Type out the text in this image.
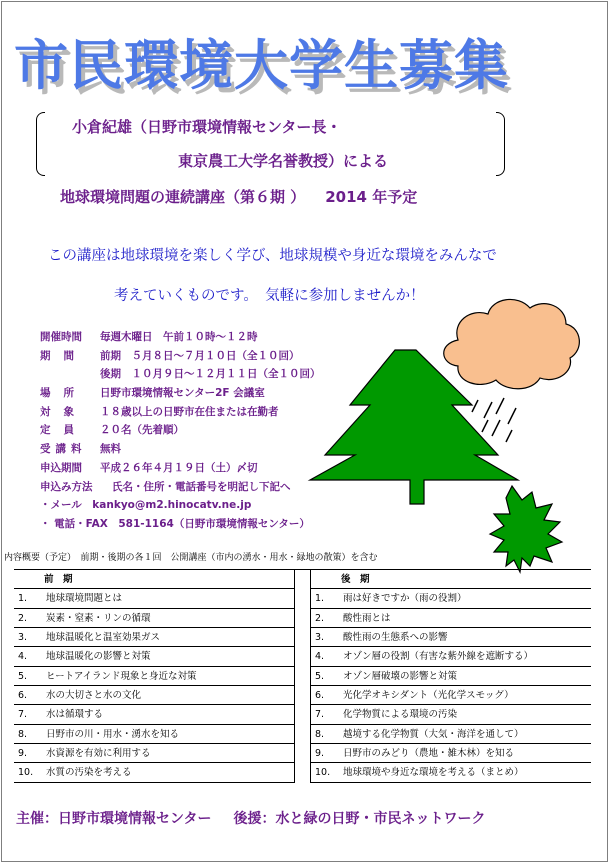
市民環境大学生募集
小倉紀雄（日野市環境情報センター長・
東京農工大学名誉教授）による
地球環境問題の連続講座（第６期 ） 2014 年予定
この講座は地球環境を楽しく学び、地球規模や身近な環境をみんなで
考えていくものです。　気軽に参加しませんか！
開催時間	毎週木曜日　午前１０時～１２時
期間	前期　５月８日～７月１０日（全１０回）
後期　１０月９日～１２月１１日（全１０回）
場所	日野市環境情報センター2F 会議室
対象	１８歳以上の日野市在住または在勤者
定員	２０名（先着順）
受講料	無料
申込期間	平成２６年４月１９日（土）〆切
申込み方法	氏名・住所・電話番号を明記し下記へ
・メール　kankyo@m2.hinocatv.ne.jp
・ 電話・FAX　581-1164（日野市環境情報センター）
内容概要（予定）　前期・後期の各１回　公開講座（市内の湧水・用水・緑地の散策）を含む
前　期
1. 地球環境問題とは
2. 炭素・窒素・リンの循環
3. 地球温暖化と温室効果ガス
4. 地球温暖化の影響と対策
5. ヒートアイランド現象と身近な対策
6. 水の大切さと水の文化
7. 水は循環する
8. 日野市の川・用水・湧水を知る
9. 水資源を有効に利用する
10. 水質の汚染を考える
後　期
1. 雨は好きですか（雨の役割）
2. 酸性雨とは
3. 酸性雨の生態系への影響
4. オゾン層の役割（有害な紫外線を遮断する）
5. オゾン層破壊の影響と対策
6. 光化学オキシダント（光化学スモッグ）
7. 化学物質による環境の汚染
8. 越境する化学物質（大気・海洋を通して）
9. 日野市のみどり（農地・雑木林）を知る
10. 地球環境や身近な環境を考える（まとめ）
主催：日野市環境情報センター 後援：水と緑の日野・市民ネットワーク
